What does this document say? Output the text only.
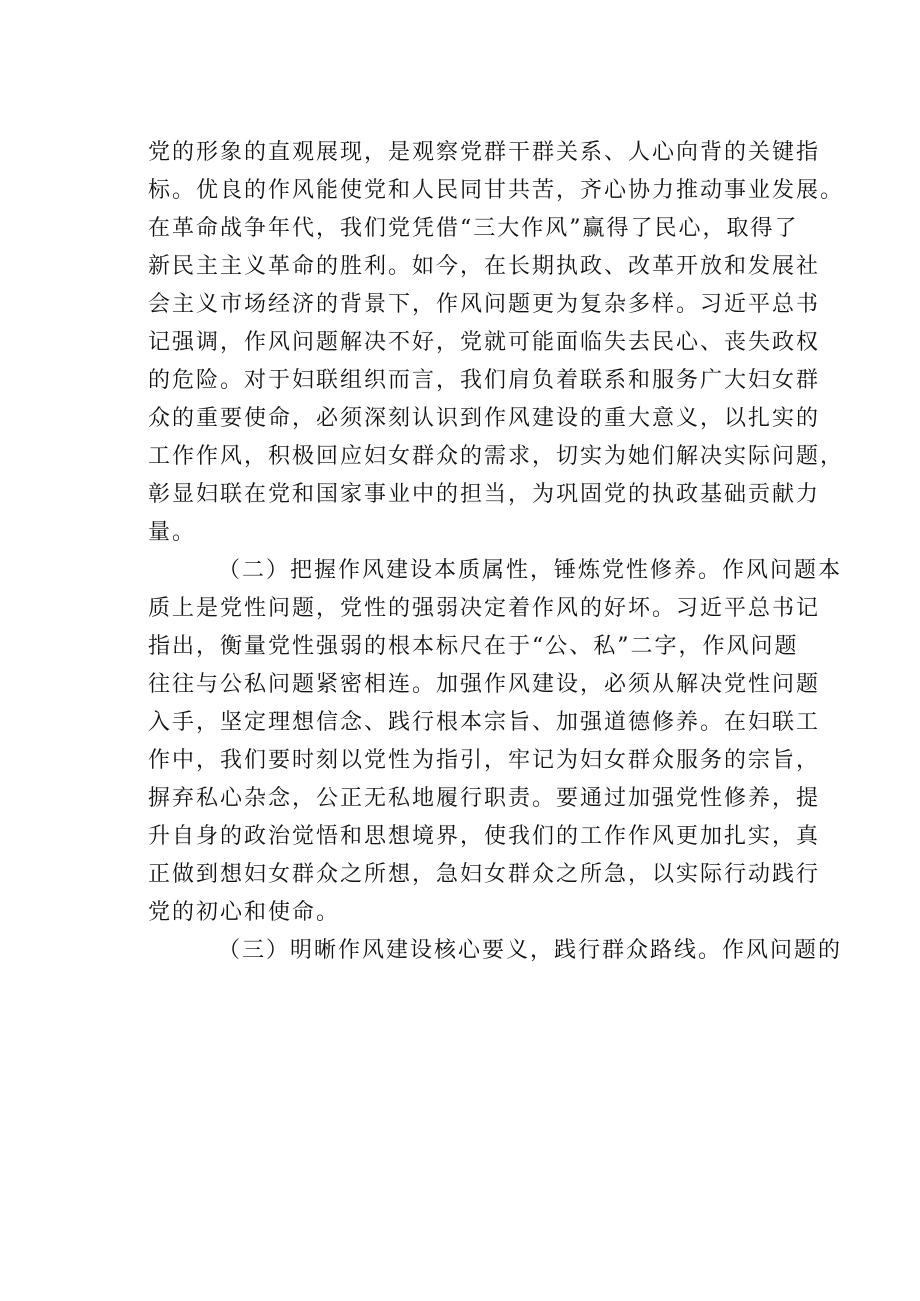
党的形象的直观展现，是观察党群干群关系、人心向背的关键指
标。优良的作风能使党和人民同甘共苦，齐心协力推动事业发展。
在革命战争年代，我们党凭借“三大作风”赢得了民心，取得了
新民主主义革命的胜利。如今，在长期执政、改革开放和发展社
会主义市场经济的背景下，作风问题更为复杂多样。习近平总书
记强调，作风问题解决不好，党就可能面临失去民心、丧失政权
的危险。对于妇联组织而言，我们肩负着联系和服务广大妇女群
众的重要使命，必须深刻认识到作风建设的重大意义，以扎实的
工作作风，积极回应妇女群众的需求，切实为她们解决实际问题，
彰显妇联在党和国家事业中的担当，为巩固党的执政基础贡献力
量。
（二）把握作风建设本质属性，锤炼党性修养。作风问题本
质上是党性问题，党性的强弱决定着作风的好坏。习近平总书记
指出，衡量党性强弱的根本标尺在于“公、私”二字，作风问题
往往与公私问题紧密相连。加强作风建设，必须从解决党性问题
入手，坚定理想信念、践行根本宗旨、加强道德修养。在妇联工
作中，我们要时刻以党性为指引，牢记为妇女群众服务的宗旨，
摒弃私心杂念，公正无私地履行职责。要通过加强党性修养，提
升自身的政治觉悟和思想境界，使我们的工作作风更加扎实，真
正做到想妇女群众之所想，急妇女群众之所急，以实际行动践行
党的初心和使命。
（三）明晰作风建设核心要义，践行群众路线。作风问题的
